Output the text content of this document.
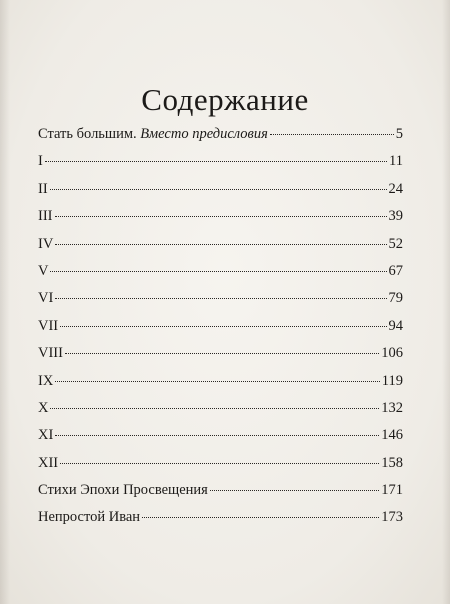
Содержание
Стать большим. Вместо предисловия	5
I	11
II	24
III	39
IV	52
V	67
VI	79
VII	94
VIII	106
IX	119
X	132
XI	146
XII	158
Стихи Эпохи Просвещения	171
Непростой Иван	173
